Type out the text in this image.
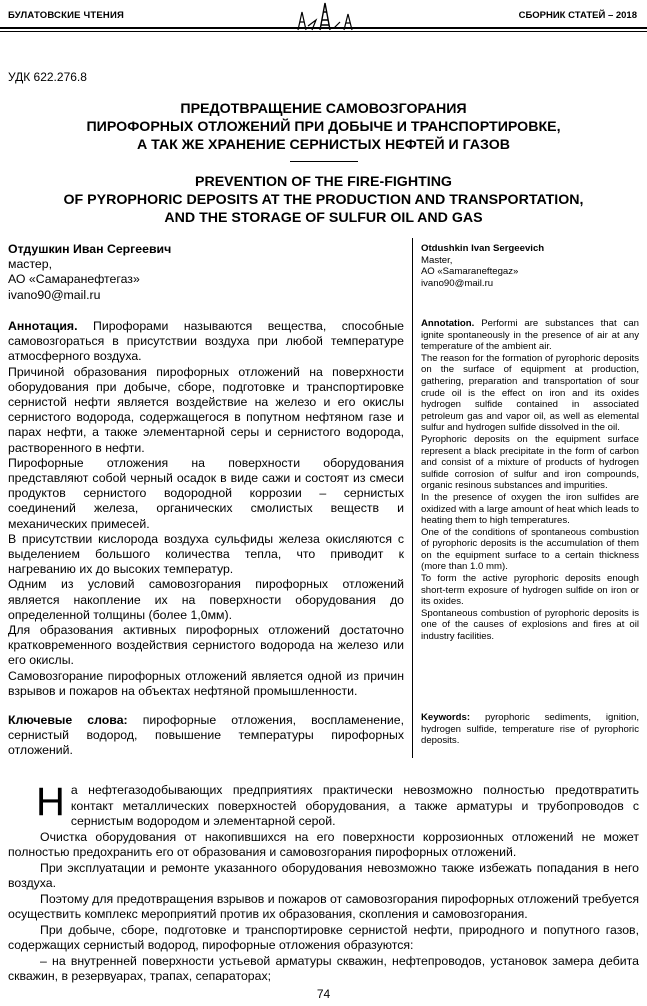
БУЛАТОВСКИЕ ЧТЕНИЯ	СБОРНИК СТАТЕЙ – 2018
УДК 622.276.8
ПРЕДОТВРАЩЕНИЕ САМОВОЗГОРАНИЯ
ПИРОФОРНЫХ ОТЛОЖЕНИЙ ПРИ ДОБЫЧЕ И ТРАНСПОРТИРОВКЕ,
А ТАК ЖЕ ХРАНЕНИЕ СЕРНИСТЫХ НЕФТЕЙ И ГАЗОВ
PREVENTION OF THE FIRE-FIGHTING
OF PYROPHORIC DEPOSITS AT THE PRODUCTION AND TRANSPORTATION,
AND THE STORAGE OF SULFUR OIL AND GAS
Отдушкин Иван Сергеевич
мастер,
АО «Самаранефтегаз»
ivano90@mail.ru
Otdushkin Ivan Sergeevich
Master,
АО «Samaraneftegaz»
ivano90@mail.ru

Аннотация. Пирофорами называются вещества, способные самовозгораться в присутствии воздуха при любой температуре атмосферного воздуха.

Причиной образования пирофорных отложений на поверхности оборудования при добыче, сборе, подготовке и транспортировке сернистой нефти является воздействие на железо и его окислы сернистого водорода, содержащегося в попутном нефтяном газе и парах нефти, а также элементарной серы и сернистого водорода, растворенного в нефти.

Пирофорные отложения на поверхности оборудования представляют собой черный осадок в виде сажи и состоят из смеси продуктов сернистого водородной коррозии – сернистых соединений железа, органических смолистых веществ и механических примесей.

В присутствии кислорода воздуха сульфиды железа окисляются с выделением большого количества тепла, что приводит к нагреванию их до высоких температур.

Одним из условий самовозгорания пирофорных отложений является накопление их на поверхности оборудования до определенной толщины (более 1,0мм).

Для образования активных пирофорных отложений достаточно кратковременного воздействия сернистого водорода на железо или его окислы.

Самовозгорание пирофорных отложений является одной из причин взрывов и пожаров на объектах нефтяной промышленности.

Annotation. Performi are substances that can ignite spontaneously in the presence of air at any temperature of the ambient air.

The reason for the formation of pyrophoric deposits on the surface of equipment at production, gathering, preparation and transportation of sour crude oil is the effect on iron and its oxides hydrogen sulfide contained in associated petroleum gas and vapor oil, as well as elemental sulfur and hydrogen sulfide dissolved in the oil.

Pyrophoric deposits on the equipment surface represent a black precipitate in the form of carbon and consist of a mixture of products of hydrogen sulfide corrosion of sulfur and iron compounds, organic resinous substances and impurities.

In the presence of oxygen the iron sulfides are oxidized with a large amount of heat which leads to heating them to high temperatures.

One of the conditions of spontaneous combustion of pyrophoric deposits is the accumulation of them on the equipment surface to a certain thickness (more than 1.0 mm).

To form the active pyrophoric deposits enough short-term exposure of hydrogen sulfide on iron or its oxides.

Spontaneous combustion of pyrophoric deposits is one of the causes of explosions and fires at oil industry facilities.

Ключевые слова: пирофорные отложения, воспламенение, сернистый водород, повышение температуры пирофорных отложений.

Keywords: pyrophoric sediments, ignition, hydrogen sulfide, temperature rise of pyrophoric deposits.

На нефтегазодобывающих предприятиях практически невозможно полностью предотвратить контакт металлических поверхностей оборудования, а также арматуры и трубопроводов с сернистым водородом и элементарной серой.

Очистка оборудования от накопившихся на его поверхности коррозионных отложений не может полностью предохранить его от образования и самовозгорания пирофорных отложений.

При эксплуатации и ремонте указанного оборудования невозможно также избежать попадания в него воздуха.

Поэтому для предотвращения взрывов и пожаров от самовозгорания пирофорных отложений требуется осуществить комплекс мероприятий против их образования, скопления и самовозгорания.

При добыче, сборе, подготовке и транспортировке сернистой нефти, природного и попутного газов, содержащих сернистый водород, пирофорные отложения образуются:

– на внутренней поверхности устьевой арматуры скважин, нефтепроводов, установок замера дебита скважин, в резервуарах, трапах, сепараторах;

74
